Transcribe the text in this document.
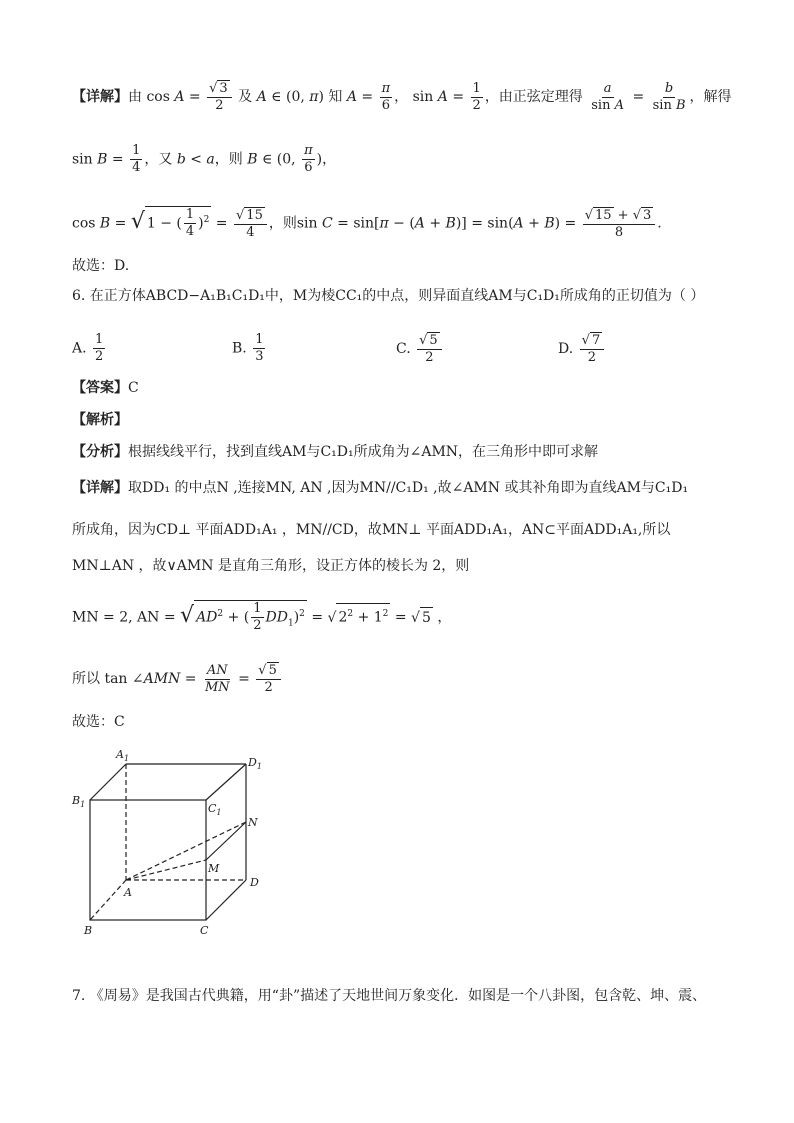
【详解】由 cos A = √ $\frac{3}{2}$ 及 A ∈ (0, π) 知 $A = \frac{\pi}{6}$ ， $\sin A = \frac{1}{2}$ ，由正弦定理得 $\frac{a}{\text{sin A}} = \frac{b}{\text{sin B}}$ ，解得
$\sin B = \frac{1}{4}$ ，又 b < a，则 B ∈ (0, $\frac{\pi}{6}$ )，
cos B = √ 1 − ( $\frac{1}{4} )^2$ = √ $\frac{15}{4}$ ，则sin C = sin[π − (A + B)] = sin(A + B) = √ $\frac{15 + √ 3}{8}$ .
故选：D.
6. 在正方体ABCD−A₁B₁C₁D₁中，M为棱CC₁的中点，则异面直线AM与C₁D₁所成角的正切值为（ ）
A. $\frac{1}{2}$	B. $\frac{1}{3}$	C. √ $\frac{5}{2}$	D. √ $\frac{7}{2}$
【答案】C
【解析】
【分析】根据线线平行，找到直线AM与C₁D₁所成角为∠AMN，在三角形中即可求解
【详解】取DD₁ 的中点N ,连接MN, AN ,因为MN//C₁D₁ ,故∠AMN 或其补角即为直线AM与C₁D₁
所成角，因为CD⊥ 平面ADD₁A₁ ，MN//CD，故MN⊥ 平面ADD₁A₁，AN⊂平面ADD₁A₁,所以
MN⊥AN ，故∨AMN 是直角三角形，设正方体的棱长为 2，则
MN = 2, AN = √ $AD^2$ + ( $\frac{1}{2} DD_1)^2$ = √ $2^2 + 1^2$ = √ 5 ，
所以 tan ∠AMN = $\frac{AN}{MN}$ = √ $\frac{5}{2}$
故选：C
$A_1$	$D_1$
$B_1$	$C_1$
N
M
A
D
B	C
7. 《周易》是我国古代典籍，用“卦”描述了天地世间万象变化．如图是一个八卦图，包含乾、坤、震、
